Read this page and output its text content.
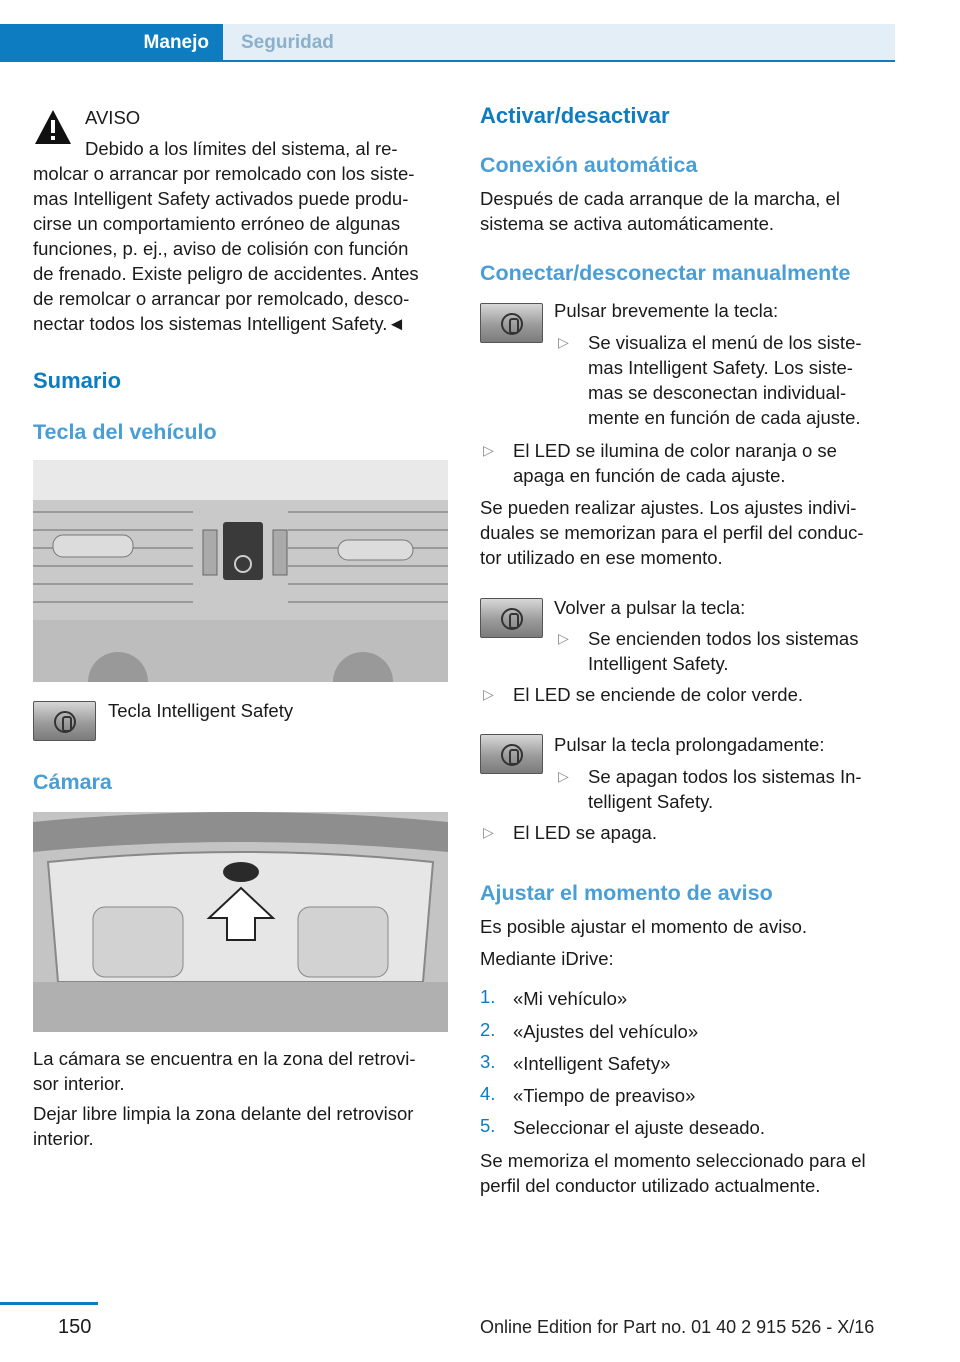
Manejo	Seguridad
AVISO
Debido a los límites del sistema, al re-
molcar o arrancar por remolcado con los siste-
mas Intelligent Safety activados puede produ-
cirse un comportamiento erróneo de algunas
funciones, p. ej., aviso de colisión con función
de frenado. Existe peligro de accidentes. Antes
de remolcar o arrancar por remolcado, desco-
nectar todos los sistemas Intelligent Safety.◄
Sumario
Tecla del vehículo
Tecla Intelligent Safety
Cámara
La cámara se encuentra en la zona del retrovi-
sor interior.
Dejar libre limpia la zona delante del retrovisor
interior.
Activar/desactivar
Conexión automática
Después de cada arranque de la marcha, el
sistema se activa automáticamente.
Conectar/desconectar manualmente
Pulsar brevemente la tecla:
▷ Se visualiza el menú de los siste-
mas Intelligent Safety. Los siste-
mas se desconectan individual-
mente en función de cada ajuste.
▷ El LED se ilumina de color naranja o se
apaga en función de cada ajuste.
Se pueden realizar ajustes. Los ajustes indivi-
duales se memorizan para el perfil del conduc-
tor utilizado en ese momento.
Volver a pulsar la tecla:
▷ Se encienden todos los sistemas
Intelligent Safety.
▷ El LED se enciende de color verde.
Pulsar la tecla prolongadamente:
▷ Se apagan todos los sistemas In-
telligent Safety.
▷ El LED se apaga.
Ajustar el momento de aviso
Es posible ajustar el momento de aviso.
Mediante iDrive:
1. «Mi vehículo»
2. «Ajustes del vehículo»
3. «Intelligent Safety»
4. «Tiempo de preaviso»
5. Seleccionar el ajuste deseado.
Se memoriza el momento seleccionado para el
perfil del conductor utilizado actualmente.
150	Online Edition for Part no. 01 40 2 915 526 - X/16
